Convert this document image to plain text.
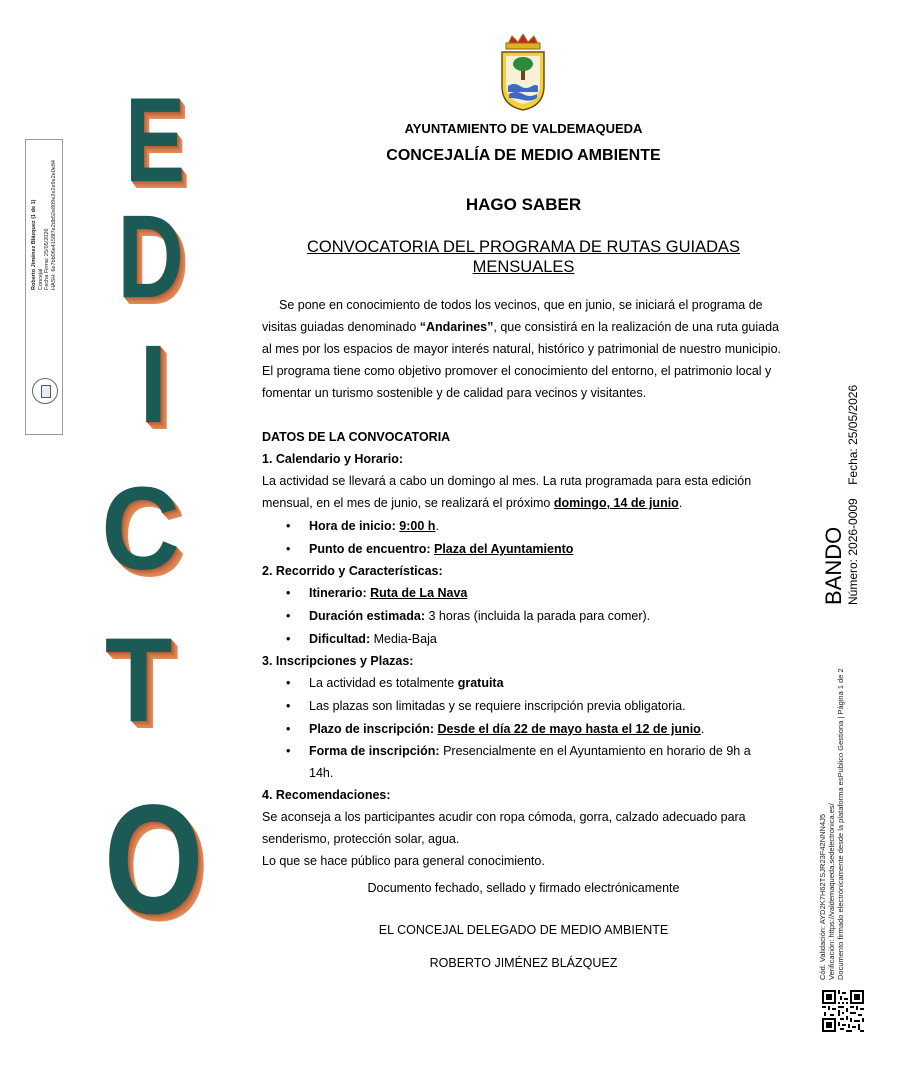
E
D
I
C
T
O
Roberto Jiménez Blázquez (1 de 1) Concejal Fecha Firma: 25/05/2026 HASH: 6e7bb06e4158f7e2db52e809e2e2e9e2e0e84
AYUNTAMIENTO DE VALDEMAQUEDA
CONCEJALÍA DE MEDIO AMBIENTE
HAGO SABER
CONVOCATORIA DEL PROGRAMA DE RUTAS GUIADAS
MENSUALES

Se pone en conocimiento de todos los vecinos, que en junio, se iniciará el programa de visitas guiadas denominado “Andarines”, que consistirá en la realización de una ruta guiada al mes por los espacios de mayor interés natural, histórico y patrimonial de nuestro municipio. El programa tiene como objetivo promover el conocimiento del entorno, el patrimonio local y fomentar un turismo sostenible y de calidad para vecinos y visitantes.

DATOS DE LA CONVOCATORIA
1. Calendario y Horario:
La actividad se llevará a cabo un domingo al mes. La ruta programada para esta edición
mensual, en el mes de junio, se realizará el próximo domingo, 14 de junio.
• Hora de inicio: 9:00 h.
• Punto de encuentro: Plaza del Ayuntamiento
2. Recorrido y Características:
• Itinerario: Ruta de La Nava
• Duración estimada: 3 horas (incluida la parada para comer).
• Dificultad: Media-Baja
3. Inscripciones y Plazas:
• La actividad es totalmente gratuita
• Las plazas son limitadas y se requiere inscripción previa obligatoria.
• Plazo de inscripción: Desde el día 22 de mayo hasta el 12 de junio.
• Forma de inscripción: Presencialmente en el Ayuntamiento en horario de 9h a
14h.
4. Recomendaciones:
Se aconseja a los participantes acudir con ropa cómoda, gorra, calzado adecuado para
senderismo, protección solar, agua.
Lo que se hace público para general conocimiento.
Documento fechado, sellado y firmado electrónicamente
EL CONCEJAL DELEGADO DE MEDIO AMBIENTE
ROBERTO JIMÉNEZ BLÁZQUEZ
BANDO Número: 2026-0009    Fecha: 25/05/2026
Cód. Validación: AYD2K7H62TSJR23F42NNN4J5 Verificación: https://valdemaqueda.sedelectronica.es/ Documento firmado electrónicamente desde la plataforma esPublico Gestiona | Página 1 de 2
